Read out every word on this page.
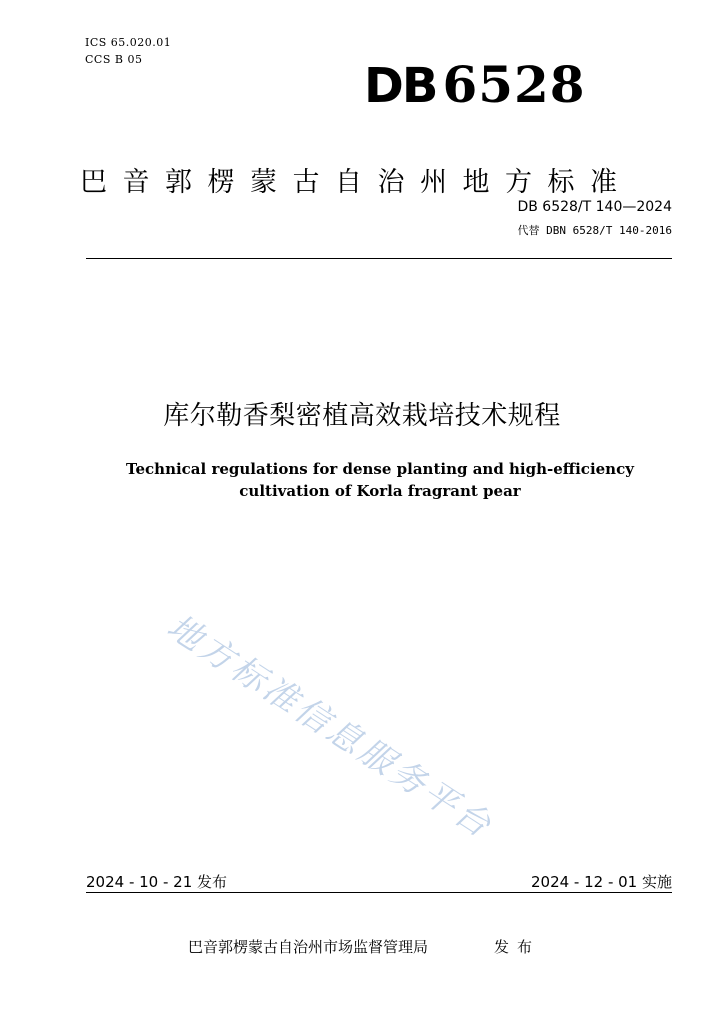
ICS 65.020.01
CCS B 05	DB 6528
巴音郭楞蒙古自治州地方标准
DB 6528/T 140—2024
代替 DBN 6528/T 140-2016
库尔勒香梨密植高效栽培技术规程
Technical regulations for dense planting and high-efficiency cultivation of Korla fragrant pear
地方标准信息服务平台
2024 - 10 - 21 发布	2024 - 12 - 01 实施
巴音郭楞蒙古自治州市场监督管理局	发布
